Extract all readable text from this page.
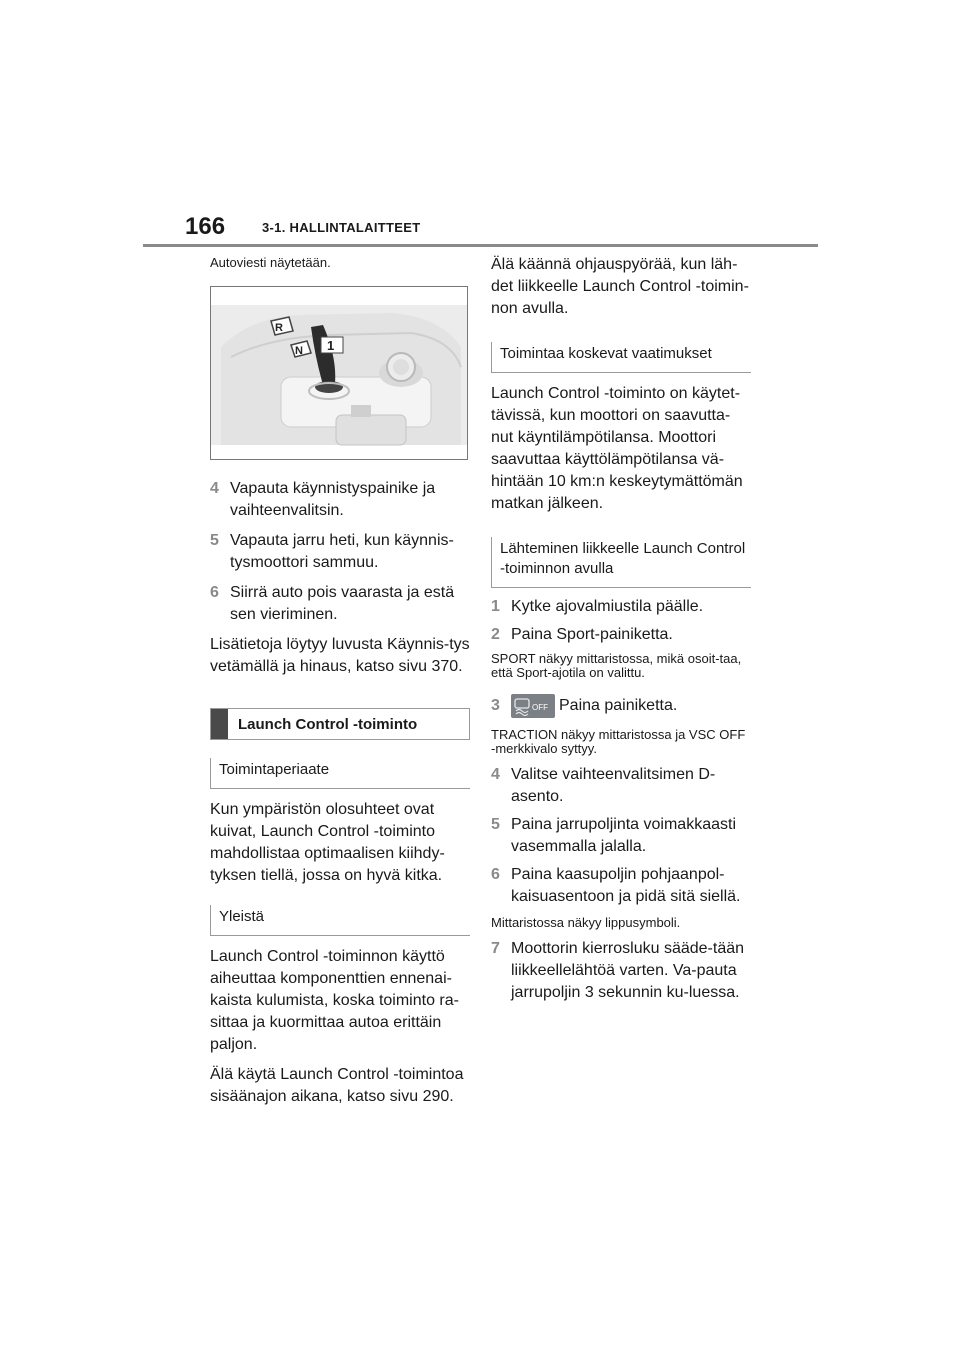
166	3-1. HALLINTALAITTEET

Autoviesti näytetään.

R
N 1
4 Vapauta käynnistyspainike ja vaihteenvalitsin.
5 Vapauta jarru heti, kun käynnis-tysmoottori sammuu.
6 Siirrä auto pois vaarasta ja estä sen vieriminen.

Lisätietoja löytyy luvusta Käynnis-tys vetämällä ja hinaus, katso sivu 370.

Launch Control -toiminto
Toimintaperiaate

Kun ympäristön olosuhteet ovat kuivat, Launch Control -toiminto mahdollistaa optimaalisen kiihdy-tyksen tiellä, jossa on hyvä kitka.

Yleistä

Launch Control -toiminnon käyttö aiheuttaa komponenttien ennenai-kaista kulumista, koska toiminto ra-sittaa ja kuormittaa autoa erittäin paljon.

Älä käytä Launch Control -toimintoa sisäänajon aikana, katso sivu 290.

Älä käännä ohjauspyörää, kun läh-det liikkeelle Launch Control -toimin-non avulla.

Toimintaa koskevat vaatimukset

Launch Control -toiminto on käytet-tävissä, kun moottori on saavutta-nut käyntilämpötilansa. Moottori saavuttaa käyttölämpötilansa vä-hintään 10 km:n keskeytymättömän matkan jälkeen.

Lähteminen liikkeelle Launch Control -toiminnon avulla
1 Kytke ajovalmiustila päälle.
2 Paina Sport-painiketta.

SPORT näkyy mittaristossa, mikä osoit-taa, että Sport-ajotila on valittu.

3	OFF Paina painiketta.

TRACTION näkyy mittaristossa ja VSC OFF -merkkivalo syttyy.

4 Valitse vaihteenvalitsimen D-asento.
5 Paina jarrupoljinta voimakkaasti vasemmalla jalalla.
6 Paina kaasupoljin pohjaanpol-kaisuasentoon ja pidä sitä siellä.

Mittaristossa näkyy lippusymboli.

7 Moottorin kierrosluku sääde-tään liikkeellelähtöä varten. Va-pauta jarrupoljin 3 sekunnin ku-luessa.
